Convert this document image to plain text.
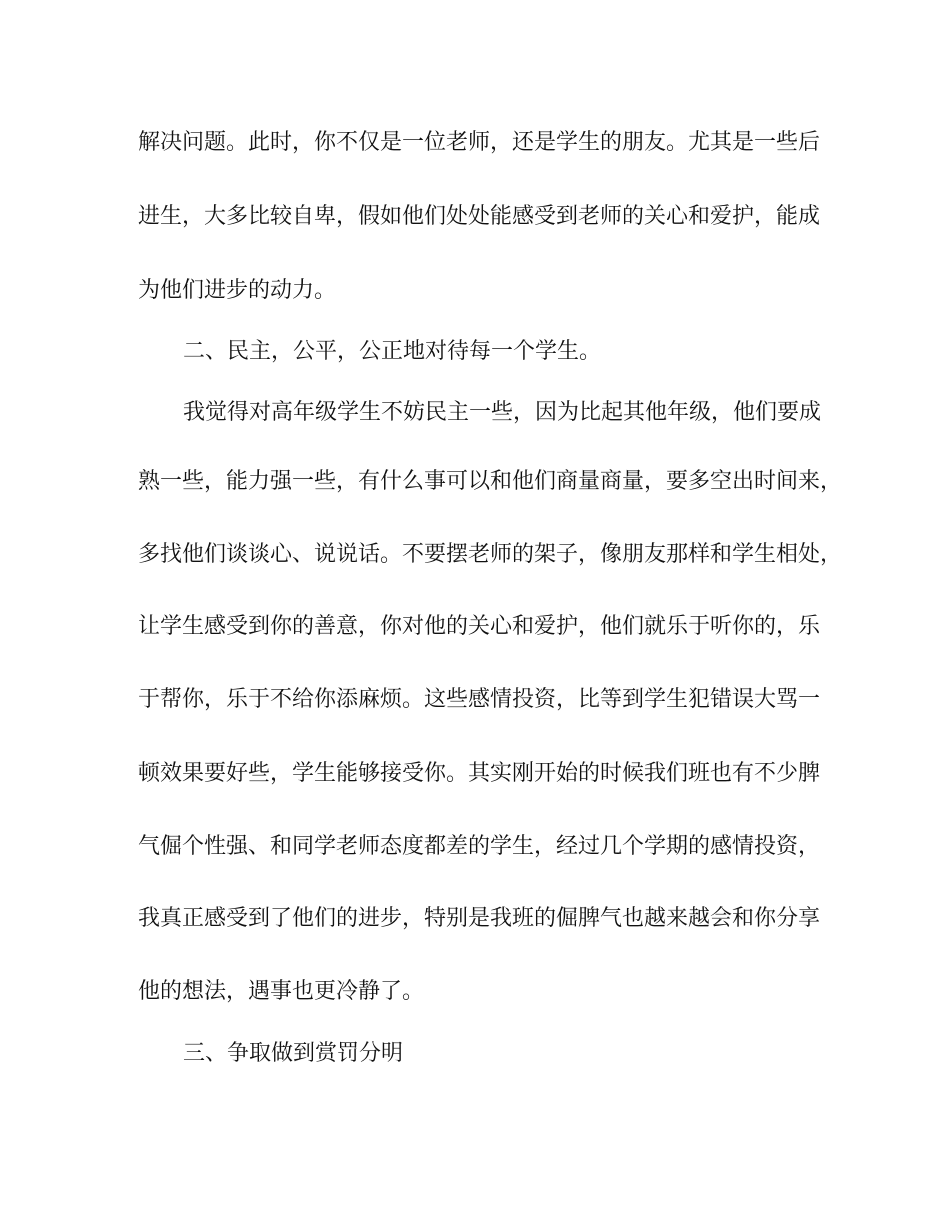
解决问题。此时，你不仅是一位老师，还是学生的朋友。尤其是一些后
进生，大多比较自卑，假如他们处处能感受到老师的关心和爱护，能成
为他们进步的动力。
二、民主，公平，公正地对待每一个学生。
我觉得对高年级学生不妨民主一些，因为比起其他年级，他们要成
熟一些，能力强一些，有什么事可以和他们商量商量，要多空出时间来，
多找他们谈谈心、说说话。不要摆老师的架子，像朋友那样和学生相处，
让学生感受到你的善意，你对他的关心和爱护，他们就乐于听你的，乐
于帮你，乐于不给你添麻烦。这些感情投资，比等到学生犯错误大骂一
顿效果要好些，学生能够接受你。其实刚开始的时候我们班也有不少脾
气倔个性强、和同学老师态度都差的学生，经过几个学期的感情投资，
我真正感受到了他们的进步，特别是我班的倔脾气也越来越会和你分享
他的想法，遇事也更冷静了。
三、争取做到赏罚分明
